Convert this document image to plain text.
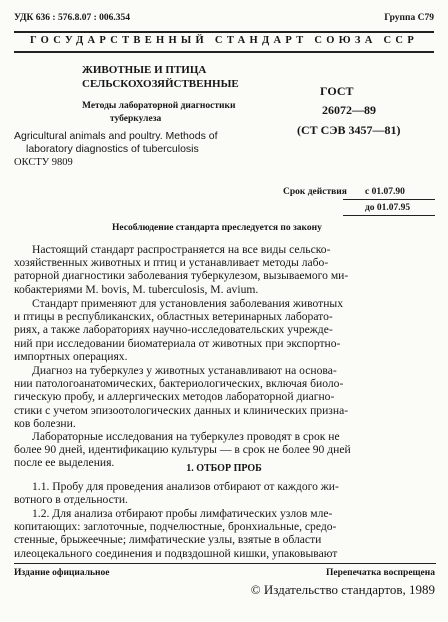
УДК 636 : 576.8.07 : 006.354	Группа С79
ГОСУДАРСТВЕННЫЙ СТАНДАРТ СОЮЗА ССР
ЖИВОТНЫЕ И ПТИЦА
СЕЛЬСКОХОЗЯЙСТВЕННЫЕ
Методы лабораторной диагностики
туберкулеза
Agricultural animals and poultry. Methods of
laboratory diagnostics of tuberculosis
ОКСТУ 9809
ГОСТ
26072—89
(СТ СЭВ 3457—81)
Срок действия с 01.07.90
до 01.07.95
Несоблюдение стандарта преследуется по закону

Настоящий стандарт распространяется на все виды сельско-

хозяйственных животных и птиц и устанавливает методы лабо-

раторной диагностики заболевания туберкулезом, вызываемого ми-

кобактериями M. bovis, M. tuberculosis, M. avium.

Стандарт применяют для установления заболевания животных

и птицы в республиканских, областных ветеринарных лаборато-

риях, а также лабораториях научно-исследовательских учрежде-

ний при исследовании биоматериала от животных при экспортно-

импортных операциях.

Диагноз на туберкулез у животных устанавливают на основа-

нии патологоанатомических, бактериологических, включая биоло-

гическую пробу, и аллергических методов лабораторной диагно-

стики с учетом эпизоотологических данных и клинических призна-

ков болезни.

Лабораторные исследования на туберкулез проводят в срок не

более 90 дней, идентификацию культуры — в срок не более 90 дней

после ее выделения.	1. ОТБОР ПРОБ

1.1. Пробу для проведения анализов отбирают от каждого жи-

вотного в отдельности.

1.2. Для анализа отбирают пробы лимфатических узлов мле-

копитающих: заглоточные, подчелюстные, бронхиальные, средо-

стенные, брыжеечные; лимфатические узлы, взятые в области

илеоцекального соединения и подвздошной кишки, упаковывают

Издание официальное	Перепечатка воспрещена
© Издательство стандартов, 1989
